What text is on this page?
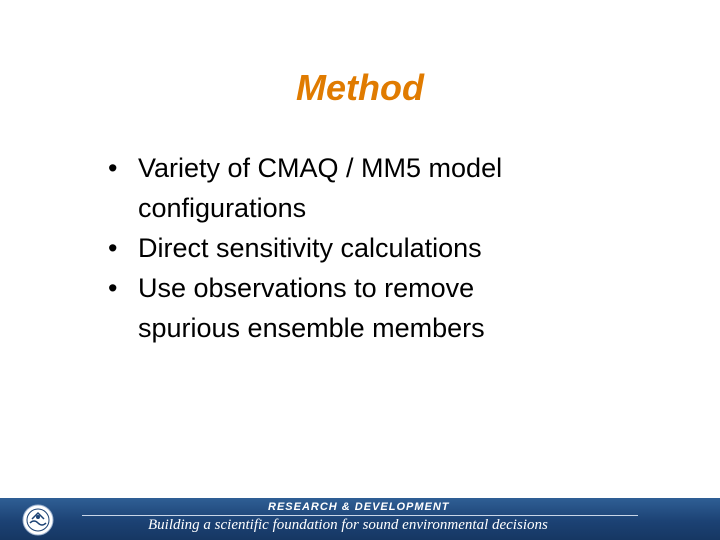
Method
• Variety of CMAQ / MM5 model
configurations
• Direct sensitivity calculations
• Use observations to remove
spurious ensemble members
RESEARCH & DEVELOPMENT
Building a scientific foundation for sound environmental decisions
